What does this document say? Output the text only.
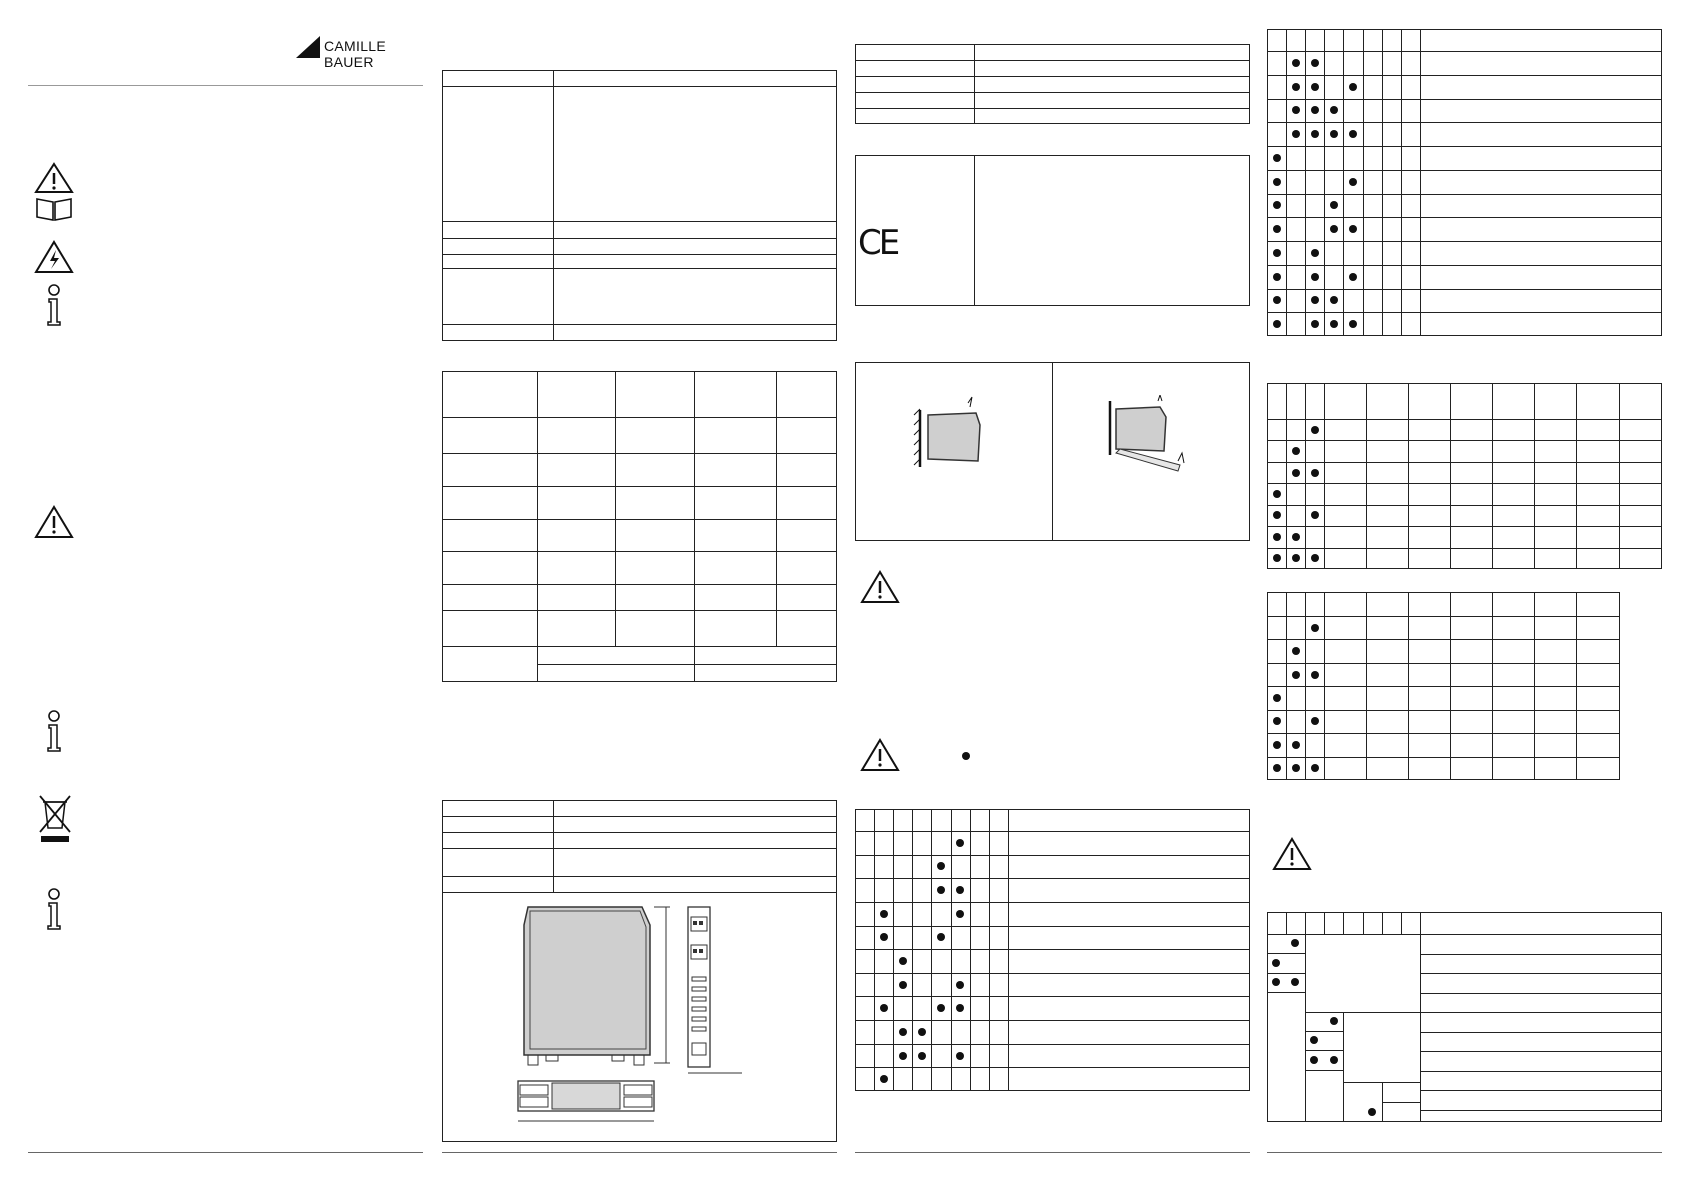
CAMILLE BAUER
CE
